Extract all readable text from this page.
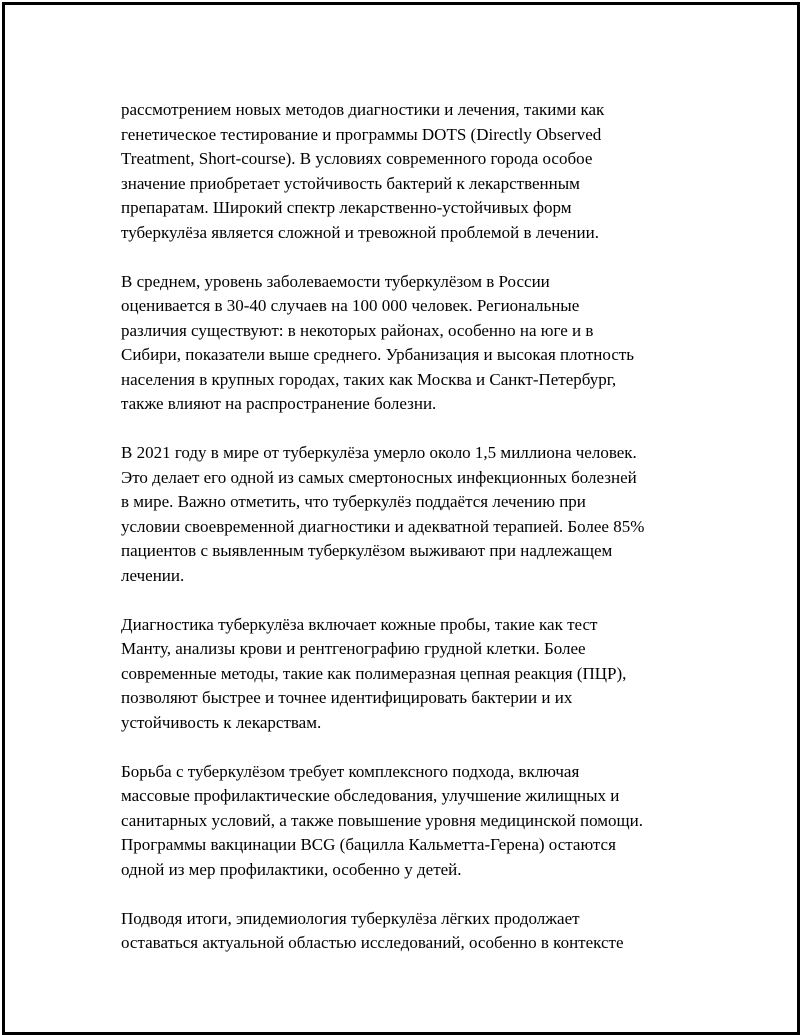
рассмотрением новых методов диагностики и лечения, такими как
генетическое тестирование и программы DOTS (Directly Observed
Treatment, Short-course). В условиях современного города особое
значение приобретает устойчивость бактерий к лекарственным
препаратам. Широкий спектр лекарственно-устойчивых форм
туберкулёза является сложной и тревожной проблемой в лечении.

В среднем, уровень заболеваемости туберкулёзом в России
оценивается в 30-40 случаев на 100 000 человек. Региональные
различия существуют: в некоторых районах, особенно на юге и в
Сибири, показатели выше среднего. Урбанизация и высокая плотность
населения в крупных городах, таких как Москва и Санкт-Петербург,
также влияют на распространение болезни.

В 2021 году в мире от туберкулёза умерло около 1,5 миллиона человек.
Это делает его одной из самых смертоносных инфекционных болезней
в мире. Важно отметить, что туберкулёз поддаётся лечению при
условии своевременной диагностики и адекватной терапией. Более 85%
пациентов с выявленным туберкулёзом выживают при надлежащем
лечении.

Диагностика туберкулёза включает кожные пробы, такие как тест
Манту, анализы крови и рентгенографию грудной клетки. Более
современные методы, такие как полимеразная цепная реакция (ПЦР),
позволяют быстрее и точнее идентифицировать бактерии и их
устойчивость к лекарствам.

Борьба с туберкулёзом требует комплексного подхода, включая
массовые профилактические обследования, улучшение жилищных и
санитарных условий, а также повышение уровня медицинской помощи.
Программы вакцинации BCG (бацилла Кальметта-Герена) остаются
одной из мер профилактики, особенно у детей.

Подводя итоги, эпидемиология туберкулёза лёгких продолжает
оставаться актуальной областью исследований, особенно в контексте
